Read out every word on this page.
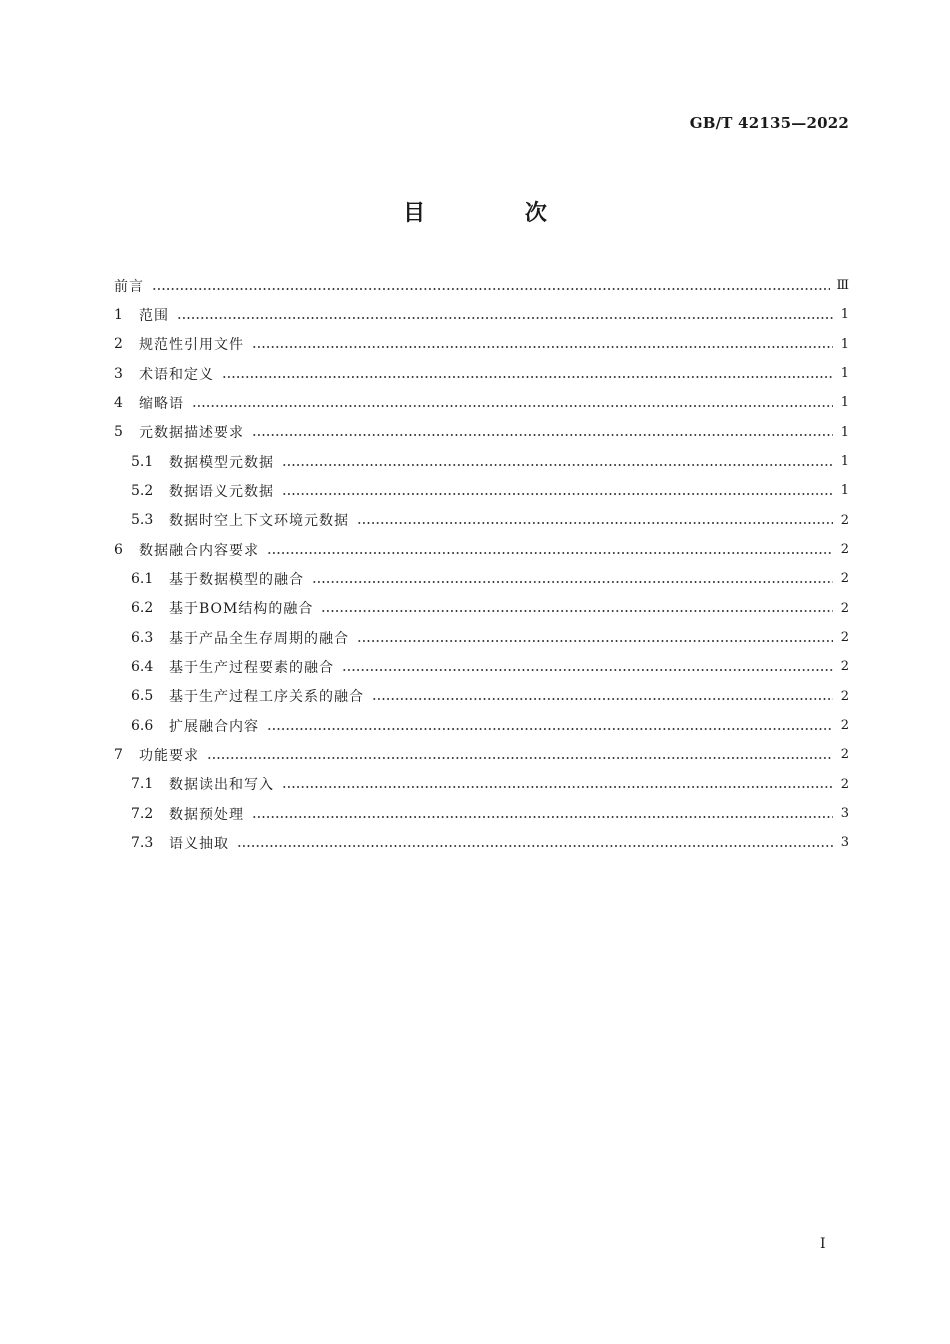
GB/T 42135—2022
目 次
前言	Ⅲ
1	范围	1
2	规范性引用文件	1
3	术语和定义	1
4	缩略语	1
5	元数据描述要求	1
5.1	数据模型元数据	1
5.2	数据语义元数据	1
5.3	数据时空上下文环境元数据	2
6	数据融合内容要求	2
6.1	基于数据模型的融合	2
6.2	基于BOM结构的融合	2
6.3	基于产品全生存周期的融合	2
6.4	基于生产过程要素的融合	2
6.5	基于生产过程工序关系的融合	2
6.6	扩展融合内容	2
7	功能要求	2
7.1	数据读出和写入	2
7.2	数据预处理	3
7.3	语义抽取	3
I
